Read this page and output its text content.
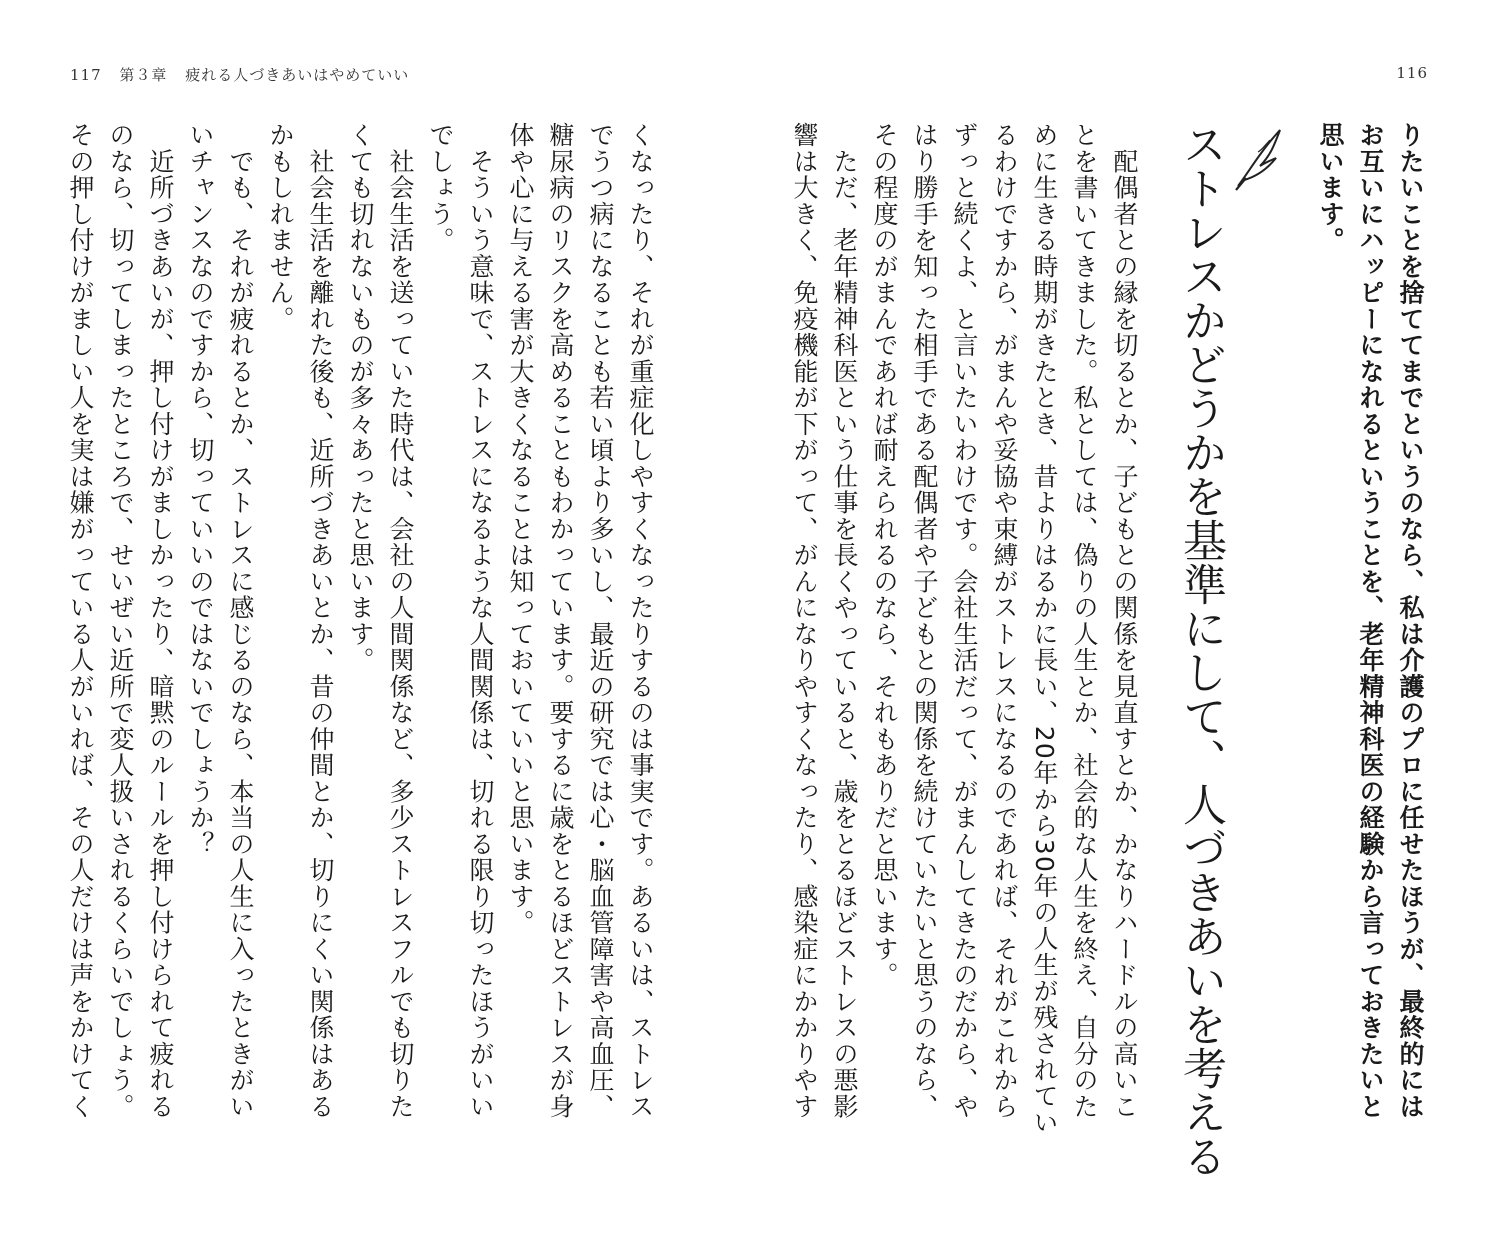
117 第３章 疲れる人づきあいはやめていい	116

りたいことを捨ててまでというのなら、私は介護のプロに任せたほうが、最終的には

お互いにハッピーになれるということを、老年精神科医の経験から言っておきたいと

思います。

ストレスかどうかを基準にして、人づきあいを考える

　配偶者との縁を切るとか、子どもとの関係を見直すとか、かなりハードルの高いこ

とを書いてきました。私としては、偽りの人生とか、社会的な人生を終え、自分のた

めに生きる時期がきたとき、昔よりはるかに長い、20年から30年の人生が残されてい

るわけですから、がまんや妥協や束縛がストレスになるのであれば、それがこれから

ずっと続くよ、と言いたいわけです。会社生活だって、がまんしてきたのだから、や

はり勝手を知った相手である配偶者や子どもとの関係を続けていたいと思うのなら、

その程度のがまんであれば耐えられるのなら、それもありだと思います。

　ただ、老年精神科医という仕事を長くやっていると、歳をとるほどストレスの悪影

響は大きく、免疫機能が下がって、がんになりやすくなったり、感染症にかかりやす

くなったり、それが重症化しやすくなったりするのは事実です。あるいは、ストレス

でうつ病になることも若い頃より多いし、最近の研究では心・脳血管障害や高血圧、

糖尿病のリスクを高めることもわかっています。要するに歳をとるほどストレスが身

体や心に与える害が大きくなることは知っておいていいと思います。

　そういう意味で、ストレスになるような人間関係は、切れる限り切ったほうがいい

でしょう。

　社会生活を送っていた時代は、会社の人間関係など、多少ストレスフルでも切りた

くても切れないものが多々あったと思います。

　社会生活を離れた後も、近所づきあいとか、昔の仲間とか、切りにくい関係はある

かもしれません。

　でも、それが疲れるとか、ストレスに感じるのなら、本当の人生に入ったときがい

いチャンスなのですから、切っていいのではないでしょうか？

　近所づきあいが、押し付けがましかったり、暗黙のルールを押し付けられて疲れる

のなら、切ってしまったところで、せいぜい近所で変人扱いされるくらいでしょう。

その押し付けがましい人を実は嫌がっている人がいれば、その人だけは声をかけてく
